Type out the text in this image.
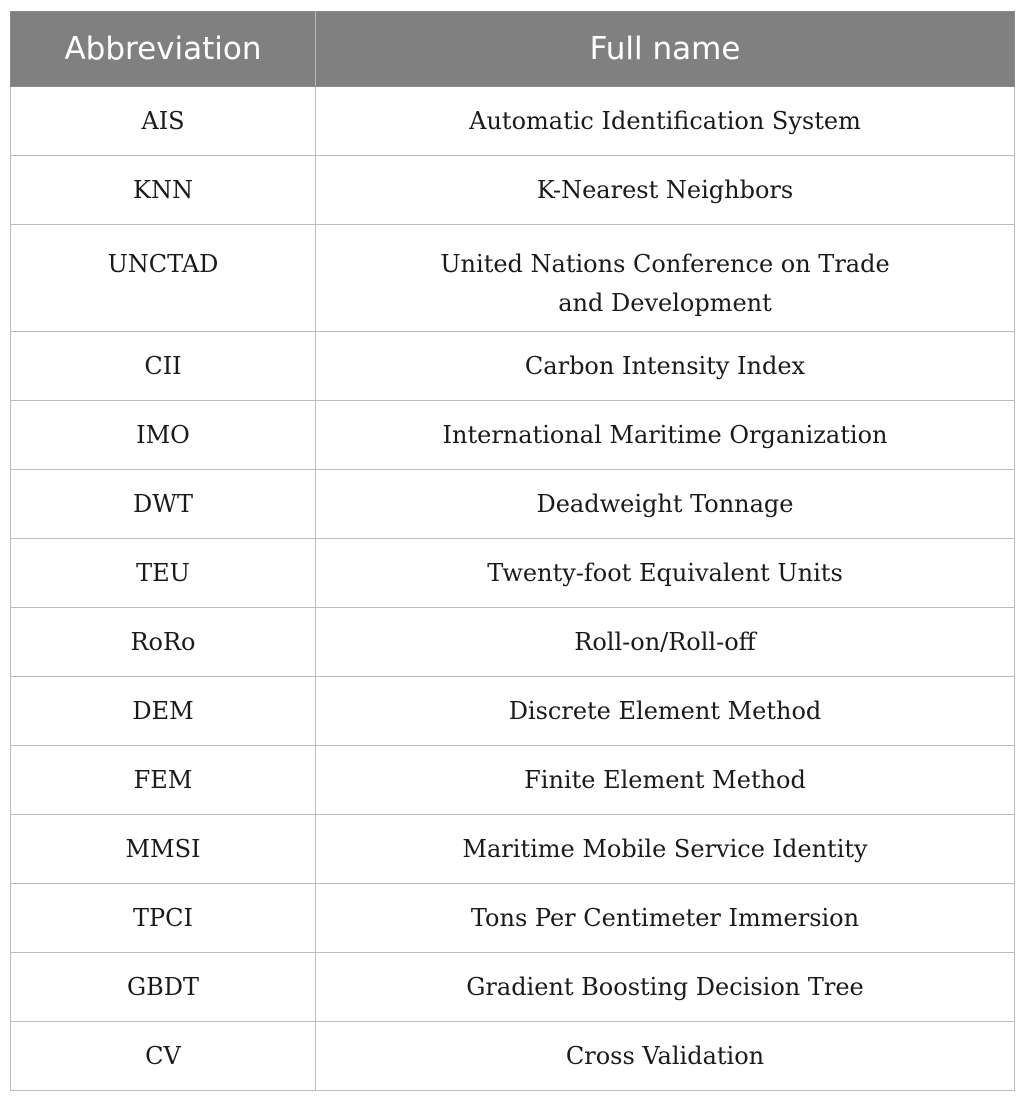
Abbreviation	Full name
AIS	Automatic Identification System
KNN	K-Nearest Neighbors
UNCTAD	United Nations Conference on Trade and Development
CII	Carbon Intensity Index
IMO	International Maritime Organization
DWT	Deadweight Tonnage
TEU	Twenty-foot Equivalent Units
RoRo	Roll-on/Roll-off
DEM	Discrete Element Method
FEM	Finite Element Method
MMSI	Maritime Mobile Service Identity
TPCI	Tons Per Centimeter Immersion
GBDT	Gradient Boosting Decision Tree
CV	Cross Validation
